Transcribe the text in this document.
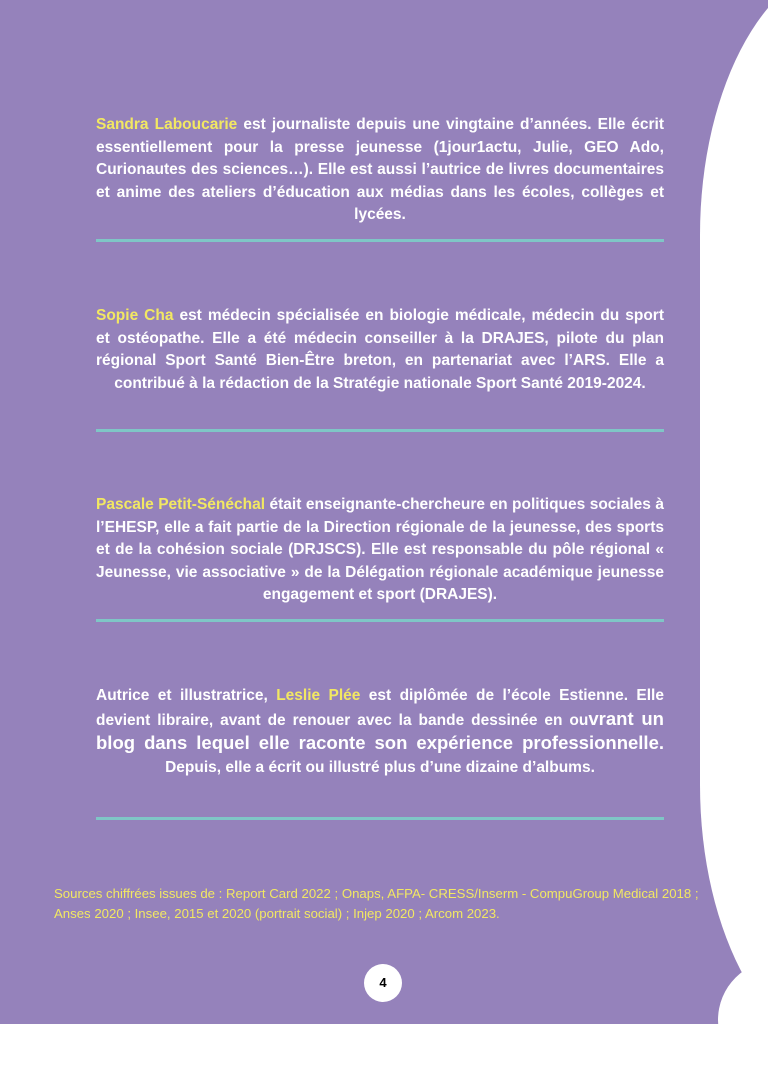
Sandra Laboucarie est journaliste depuis une vingtaine d’années. Elle écrit essentiellement pour la presse jeunesse (1jour1actu, Julie, GEO Ado, Curionautes des sciences…). Elle est aussi l’autrice de livres documentaires et anime des ateliers d’éducation aux médias dans les écoles, collèges et lycées.

Sopie Cha est médecin spécialisée en biologie médicale, médecin du sport et ostéopathe. Elle a été médecin conseiller à la DRAJES, pilote du plan régional Sport Santé Bien-Être breton, en partenariat avec l’ARS. Elle a contribué à la rédaction de la Stratégie nationale Sport Santé 2019-2024.

Pascale Petit-Sénéchal était enseignante-chercheure en politiques sociales à l’EHESP, elle a fait partie de la Direction régionale de la jeunesse, des sports et de la cohésion sociale (DRJSCS). Elle est responsable du pôle régional « Jeunesse, vie associative » de la Délégation régionale académique jeunesse engagement et sport (DRAJES).

Autrice et illustratrice, Leslie Plée est diplômée de l’école Estienne. Elle devient libraire, avant de renouer avec la bande dessinée en ouvrant un blog dans lequel elle raconte son expérience professionnelle. Depuis, elle a écrit ou illustré plus d’une dizaine d’albums.

Sources chiffrées issues de : Report Card 2022 ; Onaps, AFPA- CRESS/Inserm - CompuGroup Medical 2018 ; Anses 2020 ; Insee, 2015 et 2020 (portrait social) ; Injep 2020 ; Arcom 2023.

4
